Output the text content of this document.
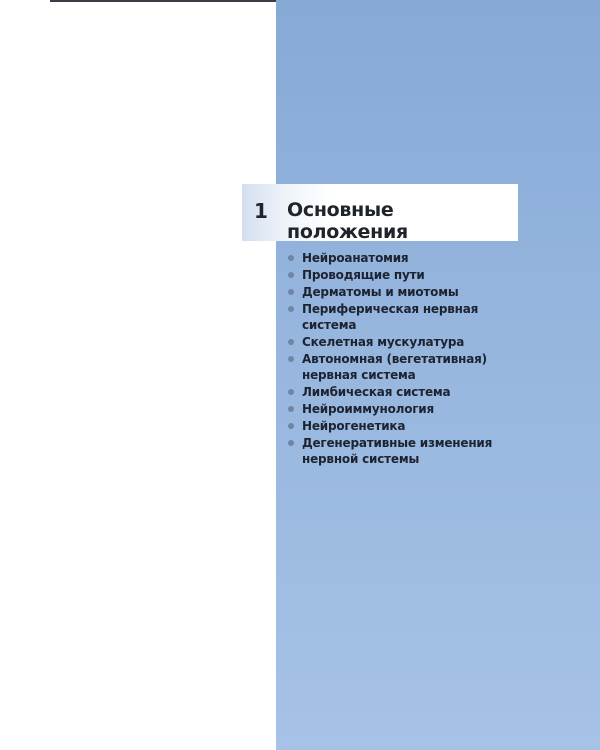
1 Основные положения
Нейроанатомия
Проводящие пути
Дерматомы и миотомы
Периферическая нервная
система
Скелетная мускулатура
Автономная (вегетативная)
нервная система
Лимбическая система
Нейроиммунология
Нейрогенетика
Дегенеративные изменения
нервной системы
